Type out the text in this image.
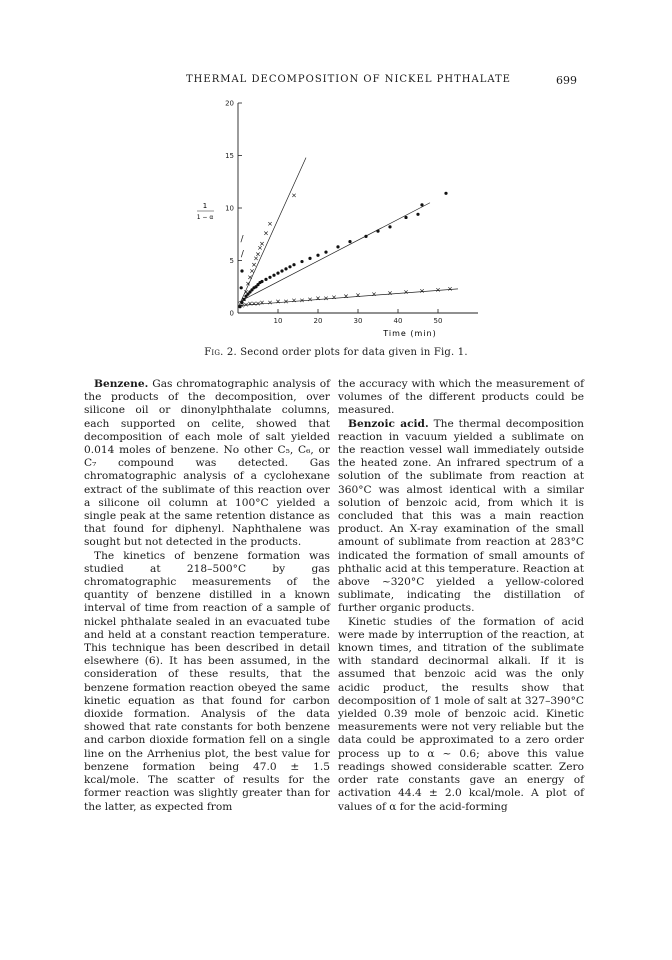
THERMAL DECOMPOSITION OF NICKEL PHTHALATE	699
0
5
10
15
20
10	20	30	40	50
/
/
Time (min)
1
1 − α
Fig. 2. Second order plots for data given in Fig. 1.

Benzene. Gas chromatographic analysis of the products of the decomposition, over silicone oil or dinonylphthalate columns, each supported on celite, showed that decomposition of each mole of salt yielded 0.014 moles of benzene. No other C₅, C₆, or C₇ compound was detected. Gas chromatographic analysis of a cyclohexane extract of the sublimate of this reaction over a silicone oil column at 100°C yielded a single peak at the same retention distance as that found for diphenyl. Naphthalene was sought but not detected in the products.

The kinetics of benzene formation was studied at 218–500°C by gas chromatographic measurements of the quantity of benzene distilled in a known interval of time from reaction of a sample of nickel phthalate sealed in an evacuated tube and held at a constant reaction temperature. This technique has been described in detail elsewhere (6). It has been assumed, in the consideration of these results, that the benzene formation reaction obeyed the same kinetic equation as that found for carbon dioxide formation. Analysis of the data showed that rate constants for both benzene and carbon dioxide formation fell on a single line on the Arrhenius plot, the best value for benzene formation being 47.0 ± 1.5 kcal/mole. The scatter of results for the former reaction was slightly greater than for the latter, as expected from

the accuracy with which the measurement of volumes of the different products could be measured.

Benzoic acid. The thermal decomposition reaction in vacuum yielded a sublimate on the reaction vessel wall immediately outside the heated zone. An infrared spectrum of a solution of the sublimate from reaction at 360°C was almost identical with a similar solution of benzoic acid, from which it is concluded that this was a main reaction product. An X-ray examination of the small amount of sublimate from reaction at 283°C indicated the formation of small amounts of phthalic acid at this temperature. Reaction at above ~320°C yielded a yellow-colored sublimate, indicating the distillation of further organic products.

Kinetic studies of the formation of acid were made by interruption of the reaction, at known times, and titration of the sublimate with standard decinormal alkali. If it is assumed that benzoic acid was the only acidic product, the results show that decomposition of 1 mole of salt at 327–390°C yielded 0.39 mole of benzoic acid. Kinetic measurements were not very reliable but the data could be approximated to a zero order process up to α ~ 0.6; above this value readings showed considerable scatter. Zero order rate constants gave an energy of activation 44.4 ± 2.0 kcal/mole. A plot of values of α for the acid-forming
